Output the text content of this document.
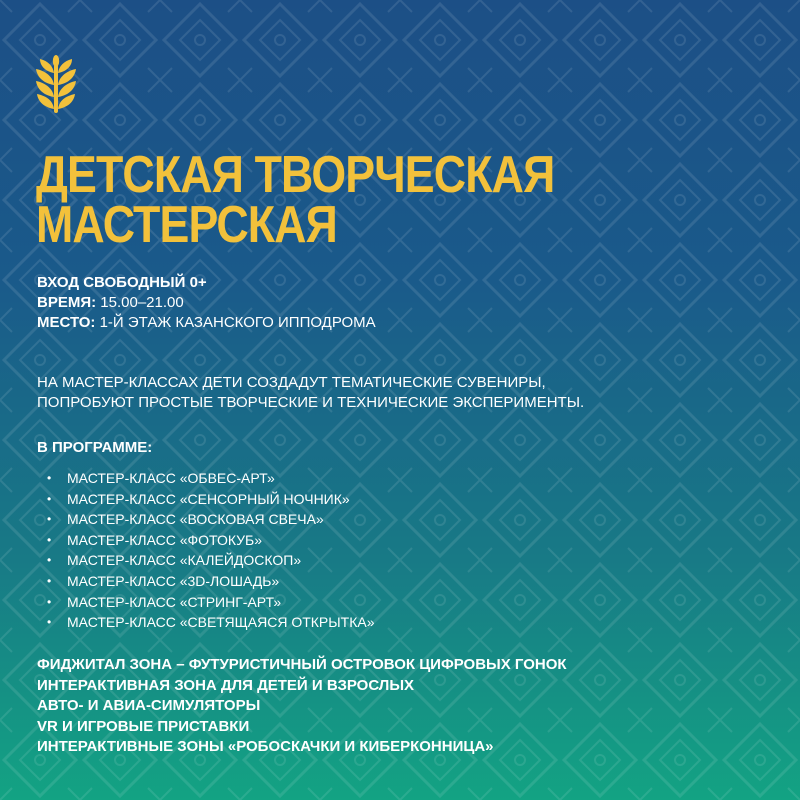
ДЕТСКАЯ ТВОРЧЕСКАЯ
МАСТЕРСКАЯ
ВХОД СВОБОДНЫЙ 0+
ВРЕМЯ: 15.00–21.00
МЕСТО: 1-Й ЭТАЖ КАЗАНСКОГО ИППОДРОМА
НА МАСТЕР-КЛАССАХ ДЕТИ СОЗДАДУТ ТЕМАТИЧЕСКИЕ СУВЕНИРЫ,
ПОПРОБУЮТ ПРОСТЫЕ ТВОРЧЕСКИЕ И ТЕХНИЧЕСКИЕ ЭКСПЕРИМЕНТЫ.
В ПРОГРАММЕ:
•	МАСТЕР-КЛАСС «ОБВЕС-АРТ»
•	МАСТЕР-КЛАСС «СЕНСОРНЫЙ НОЧНИК»
•	МАСТЕР-КЛАСС «ВОСКОВАЯ СВЕЧА»
•	МАСТЕР-КЛАСС «ФОТОКУБ»
•	МАСТЕР-КЛАСС «КАЛЕЙДОСКОП»
•	МАСТЕР-КЛАСС «3D-ЛОШАДЬ»
•	МАСТЕР-КЛАСС «СТРИНГ-АРТ»
•	МАСТЕР-КЛАСС «СВЕТЯЩАЯСЯ ОТКРЫТКА»
ФИДЖИТАЛ ЗОНА – ФУТУРИСТИЧНЫЙ ОСТРОВОК ЦИФРОВЫХ ГОНОК
ИНТЕРАКТИВНАЯ ЗОНА ДЛЯ ДЕТЕЙ И ВЗРОСЛЫХ
АВТО- И АВИА-СИМУЛЯТОРЫ
VR И ИГРОВЫЕ ПРИСТАВКИ
ИНТЕРАКТИВНЫЕ ЗОНЫ «РОБОСКАЧКИ И КИБЕРКОННИЦА»
